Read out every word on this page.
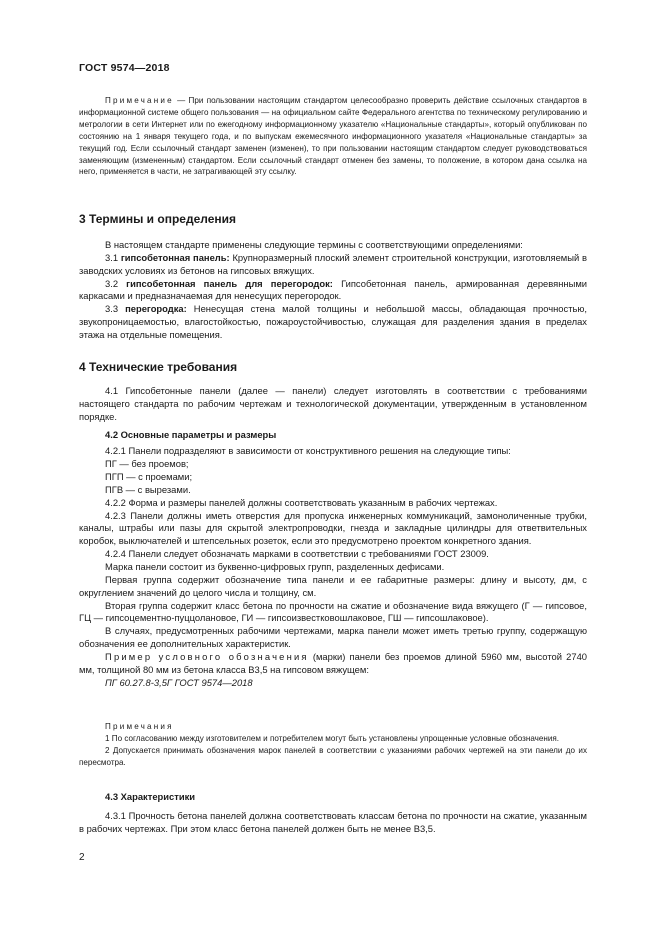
ГОСТ 9574—2018

Примечание — При пользовании настоящим стандартом целесообразно проверить действие ссылочных стандартов в информационной системе общего пользования — на официальном сайте Федерального агентства по техническому регулированию и метрологии в сети Интернет или по ежегодному информационному указателю «Национальные стандарты», который опубликован по состоянию на 1 января текущего года, и по выпускам ежемесячного информационного указателя «Национальные стандарты» за текущий год. Если ссылочный стандарт заменен (изменен), то при пользовании настоящим стандартом следует руководствоваться заменяющим (измененным) стандартом. Если ссылочный стандарт отменен без замены, то положение, в котором дана ссылка на него, применяется в части, не затрагивающей эту ссылку.

3 Термины и определения

В настоящем стандарте применены следующие термины с соответствующими определениями:

3.1 гипсобетонная панель: Крупноразмерный плоский элемент строительной конструкции, изготовляемый в заводских условиях из бетонов на гипсовых вяжущих.

3.2 гипсобетонная панель для перегородок: Гипсобетонная панель, армированная деревянными каркасами и предназначаемая для ненесущих перегородок.

3.3 перегородка: Ненесущая стена малой толщины и небольшой массы, обладающая прочностью, звукопроницаемостью, влагостойкостью, пожароустойчивостью, служащая для разделения здания в пределах этажа на отдельные помещения.

4 Технические требования

4.1 Гипсобетонные панели (далее — панели) следует изготовлять в соответствии с требованиями настоящего стандарта по рабочим чертежам и технологической документации, утвержденным в установленном порядке.

4.2 Основные параметры и размеры

4.2.1 Панели подразделяют в зависимости от конструктивного решения на следующие типы:

ПГ — без проемов;

ПГП — с проемами;

ПГВ — с вырезами.

4.2.2 Форма и размеры панелей должны соответствовать указанным в рабочих чертежах.

4.2.3 Панели должны иметь отверстия для пропуска инженерных коммуникаций, замоноличенные трубки, каналы, штрабы или пазы для скрытой электропроводки, гнезда и закладные цилиндры для ответвительных коробок, выключателей и штепсельных розеток, если это предусмотрено проектом конкретного здания.

4.2.4 Панели следует обозначать марками в соответствии с требованиями ГОСТ 23009.

Марка панели состоит из буквенно-цифровых групп, разделенных дефисами.

Первая группа содержит обозначение типа панели и ее габаритные размеры: длину и высоту, дм, с округлением значений до целого числа и толщину, см.

Вторая группа содержит класс бетона по прочности на сжатие и обозначение вида вяжущего (Г — гипсовое, ГЦ — гипсоцементно-пуццолановое, ГИ — гипсоизвестковошлаковое, ГШ — гипсошлаковое).

В случаях, предусмотренных рабочими чертежами, марка панели может иметь третью группу, содержащую обозначения ее дополнительных характеристик.

Пример условного обозначения (марки) панели без проемов длиной 5960 мм, высотой 2740 мм, толщиной 80 мм из бетона класса В3,5 на гипсовом вяжущем:

ПГ 60.27.8-3,5Г ГОСТ 9574—2018

Примечания

1 По согласованию между изготовителем и потребителем могут быть установлены упрощенные условные обозначения.

2 Допускается принимать обозначения марок панелей в соответствии с указаниями рабочих чертежей на эти панели до их пересмотра.

4.3 Характеристики

4.3.1 Прочность бетона панелей должна соответствовать классам бетона по прочности на сжатие, указанным в рабочих чертежах. При этом класс бетона панелей должен быть не менее В3,5.

2
